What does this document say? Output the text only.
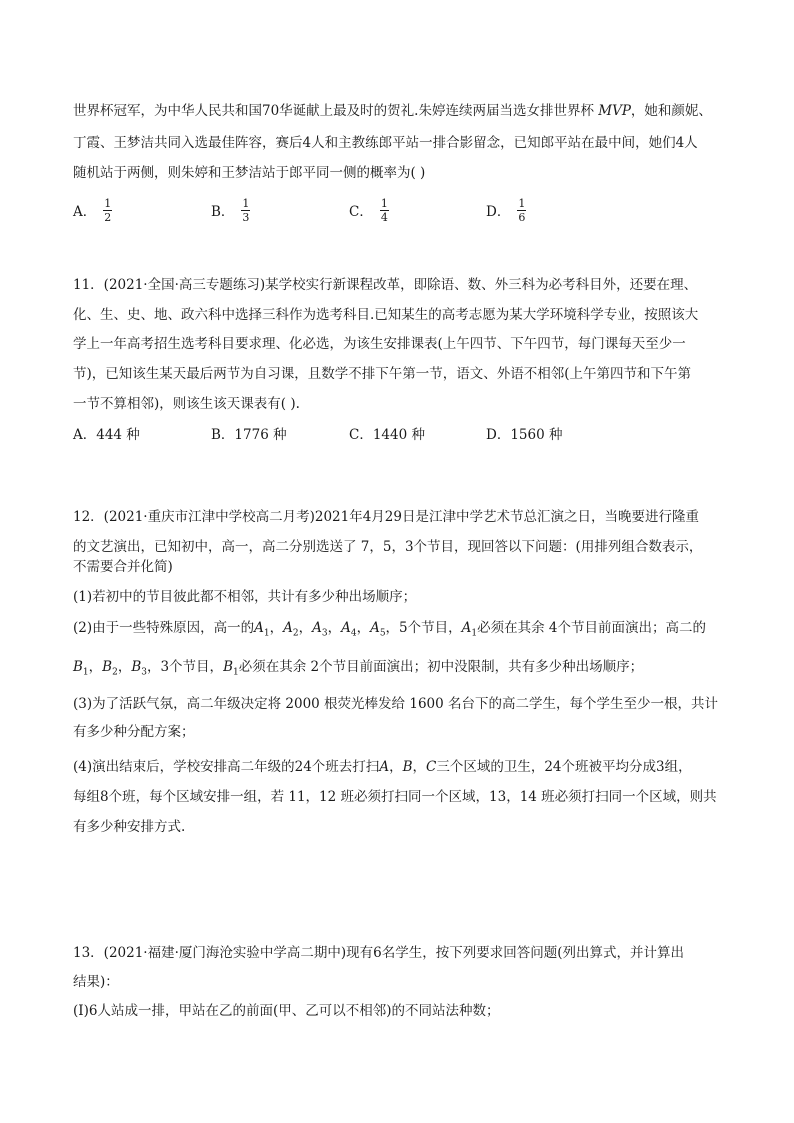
世界杯冠军，为中华人民共和国70华诞献上最及时的贺礼.朱婷连续两届当选女排世界杯 MVP，她和颜妮、
丁霞、王梦洁共同入选最佳阵容，赛后4人和主教练郎平站一排合影留念，已知郎平站在最中间，她们4人
随机站于两侧，则朱婷和王梦洁站于郎平同一侧的概率为( )
A． $\frac{1}{2}$	B． $\frac{1}{3}$	C． $\frac{1}{4}$	D． $\frac{1}{6}$
11．(2021·全国·高三专题练习)某学校实行新课程改革，即除语、数、外三科为必考科目外，还要在理、
化、生、史、地、政六科中选择三科作为选考科目.已知某生的高考志愿为某大学环境科学专业，按照该大
学上一年高考招生选考科目要求理、化必选，为该生安排课表(上午四节、下午四节，每门课每天至少一
节)，已知该生某天最后两节为自习课，且数学不排下午第一节，语文、外语不相邻(上午第四节和下午第
一节不算相邻)，则该生该天课表有( ).
A．444 种	B．1776 种	C．1440 种	D．1560 种
12．(2021·重庆市江津中学校高二月考)2021年4月29日是江津中学艺术节总汇演之日，当晚要进行隆重
的文艺演出，已知初中，高一，高二分别选送了 7，5，3个节目，现回答以下问题：(用排列组合数表示，
不需要合并化简)
(1)若初中的节目彼此都不相邻，共计有多少种出场顺序；
(2)由于一些特殊原因，高一的$A_1$，$A_2$，$A_3$，$A_4$，$A_5$，5个节目，$A_1$必须在其余 4个节目前面演出；高二的
$B_1$，$B_2$，$B_3$，3个节目，$B_1$必须在其余 2个节目前面演出；初中没限制，共有多少种出场顺序；
(3)为了活跃气氛，高二年级决定将 2000 根荧光棒发给 1600 名台下的高二学生，每个学生至少一根，共计
有多少种分配方案；
(4)演出结束后，学校安排高二年级的24个班去打扫A，B，C三个区域的卫生，24个班被平均分成3组，
每组8个班，每个区域安排一组，若 11，12 班必须打扫同一个区域，13，14 班必须打扫同一个区域，则共
有多少种安排方式.
13．(2021·福建·厦门海沧实验中学高二期中)现有6名学生，按下列要求回答问题(列出算式，并计算出
结果)：
(Ⅰ)6人站成一排，甲站在乙的前面(甲、乙可以不相邻)的不同站法种数；
